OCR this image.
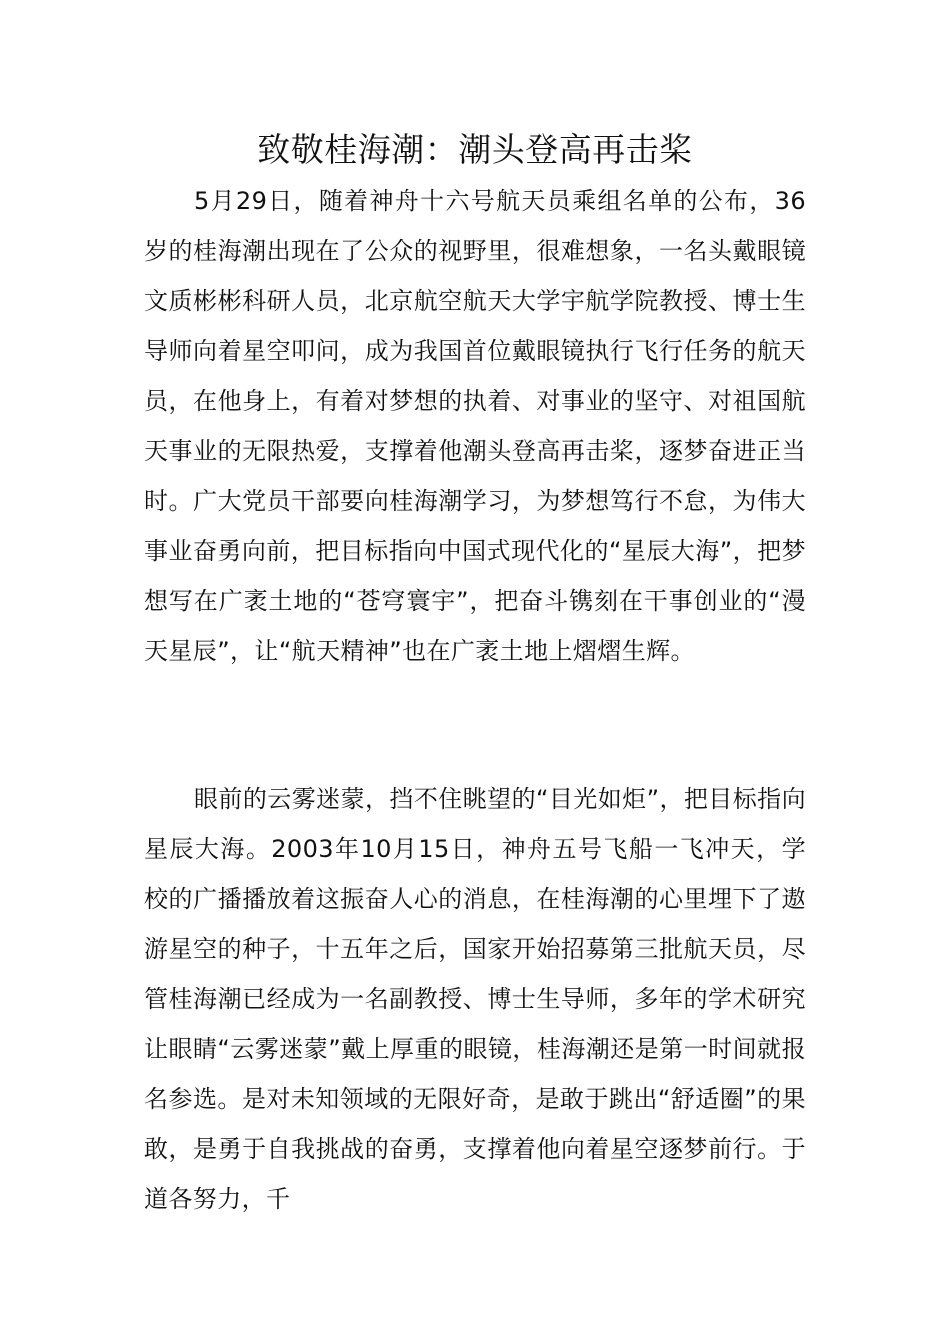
致敬桂海潮：潮头登高再击桨

5月29日，随着神舟十六号航天员乘组名单的公布，36岁的桂海潮出现在了公众的视野里，很难想象，一名头戴眼镜文质彬彬科研人员，北京航空航天大学宇航学院教授、博士生导师向着星空叩问，成为我国首位戴眼镜执行飞行任务的航天员，在他身上，有着对梦想的执着、对事业的坚守、对祖国航天事业的无限热爱，支撑着他潮头登高再击桨，逐梦奋进正当时。广大党员干部要向桂海潮学习，为梦想笃行不怠，为伟大事业奋勇向前，把目标指向中国式现代化的“星辰大海”，把梦想写在广袤土地的“苍穹寰宇”，把奋斗镌刻在干事创业的“漫天星辰”，让“航天精神”也在广袤土地上熠熠生辉。

眼前的云雾迷蒙，挡不住眺望的“目光如炬”，把目标指向星辰大海。2003年10月15日，神舟五号飞船一飞冲天，学校的广播播放着这振奋人心的消息，在桂海潮的心里埋下了遨游星空的种子，十五年之后，国家开始招募第三批航天员，尽管桂海潮已经成为一名副教授、博士生导师，多年的学术研究让眼睛“云雾迷蒙”戴上厚重的眼镜，桂海潮还是第一时间就报名参选。是对未知领域的无限好奇，是敢于跳出“舒适圈”的果敢，是勇于自我挑战的奋勇，支撑着他向着星空逐梦前行。于道各努力，千
